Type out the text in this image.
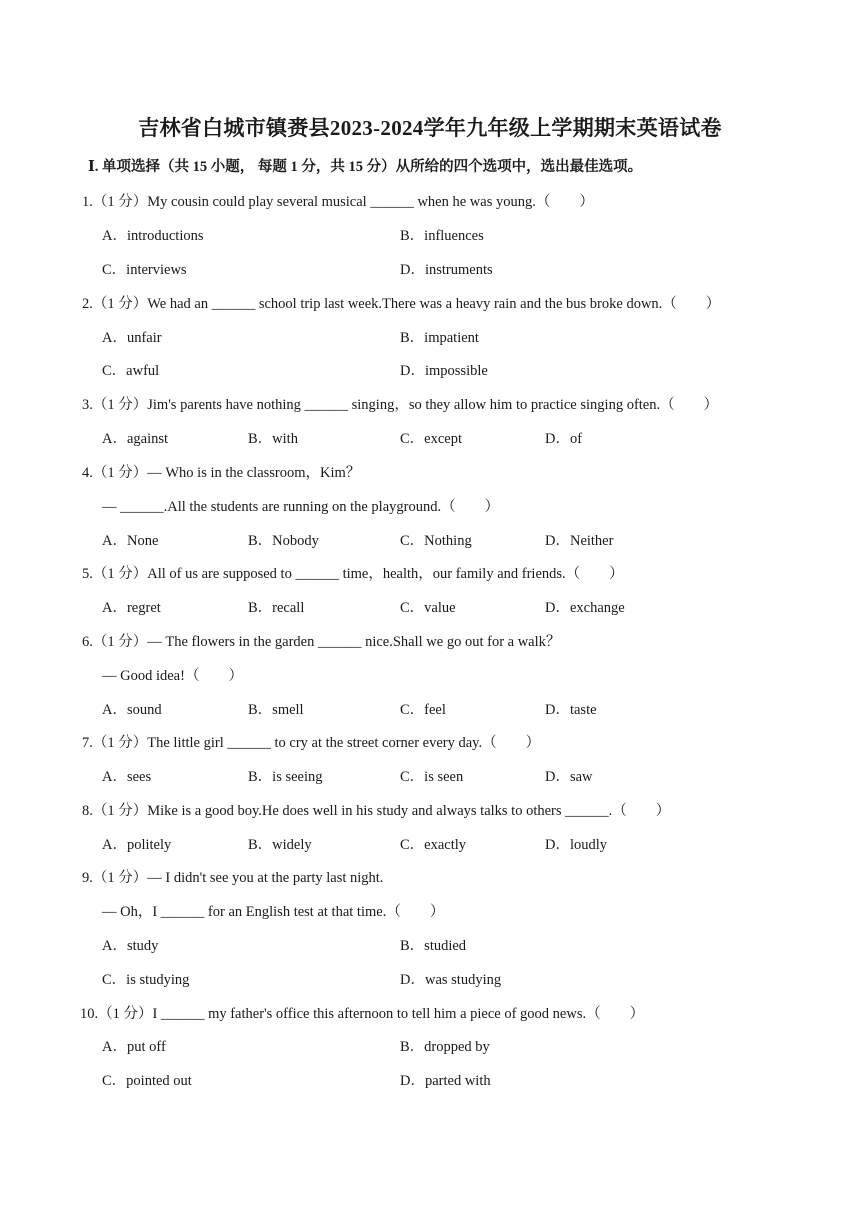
吉林省白城市镇赉县2023-2024学年九年级上学期期末英语试卷
Ⅰ. 单项选择（共 15 小题， 每题 1 分，共 15 分）从所给的四个选项中，选出最佳选项。
1.（1 分）My cousin could play several musical ______ when he was young.（　　）
A．introductions	B．influences
C．interviews	D．instruments
2.（1 分）We had an ______ school trip last week.There was a heavy rain and the bus broke down.（　　）
A．unfair	B．impatient
C．awful	D．impossible
3.（1 分）Jim's parents have nothing ______ singing，so they allow him to practice singing often.（　　）
A．against	B．with	C．except	D．of
4.（1 分）— Who is in the classroom，Kim？
— ______.All the students are running on the playground.（　　）
A．None	B．Nobody	C．Nothing	D．Neither
5.（1 分）All of us are supposed to ______ time，health，our family and friends.（　　）
A．regret	B．recall	C．value	D．exchange
6.（1 分）— The flowers in the garden ______ nice.Shall we go out for a walk？
— Good idea!（　　）
A．sound	B．smell	C．feel	D．taste
7.（1 分）The little girl ______ to cry at the street corner every day.（　　）
A．sees	B．is seeing	C．is seen	D．saw
8.（1 分）Mike is a good boy.He does well in his study and always talks to others ______.（　　）
A．politely	B．widely	C．exactly	D．loudly
9.（1 分）— I didn't see you at the party last night.
— Oh，I ______ for an English test at that time.（　　）
A．study	B．studied
C．is studying	D．was studying
10.（1 分）I ______ my father's office this afternoon to tell him a piece of good news.（　　）
A．put off	B．dropped by
C．pointed out	D．parted with
